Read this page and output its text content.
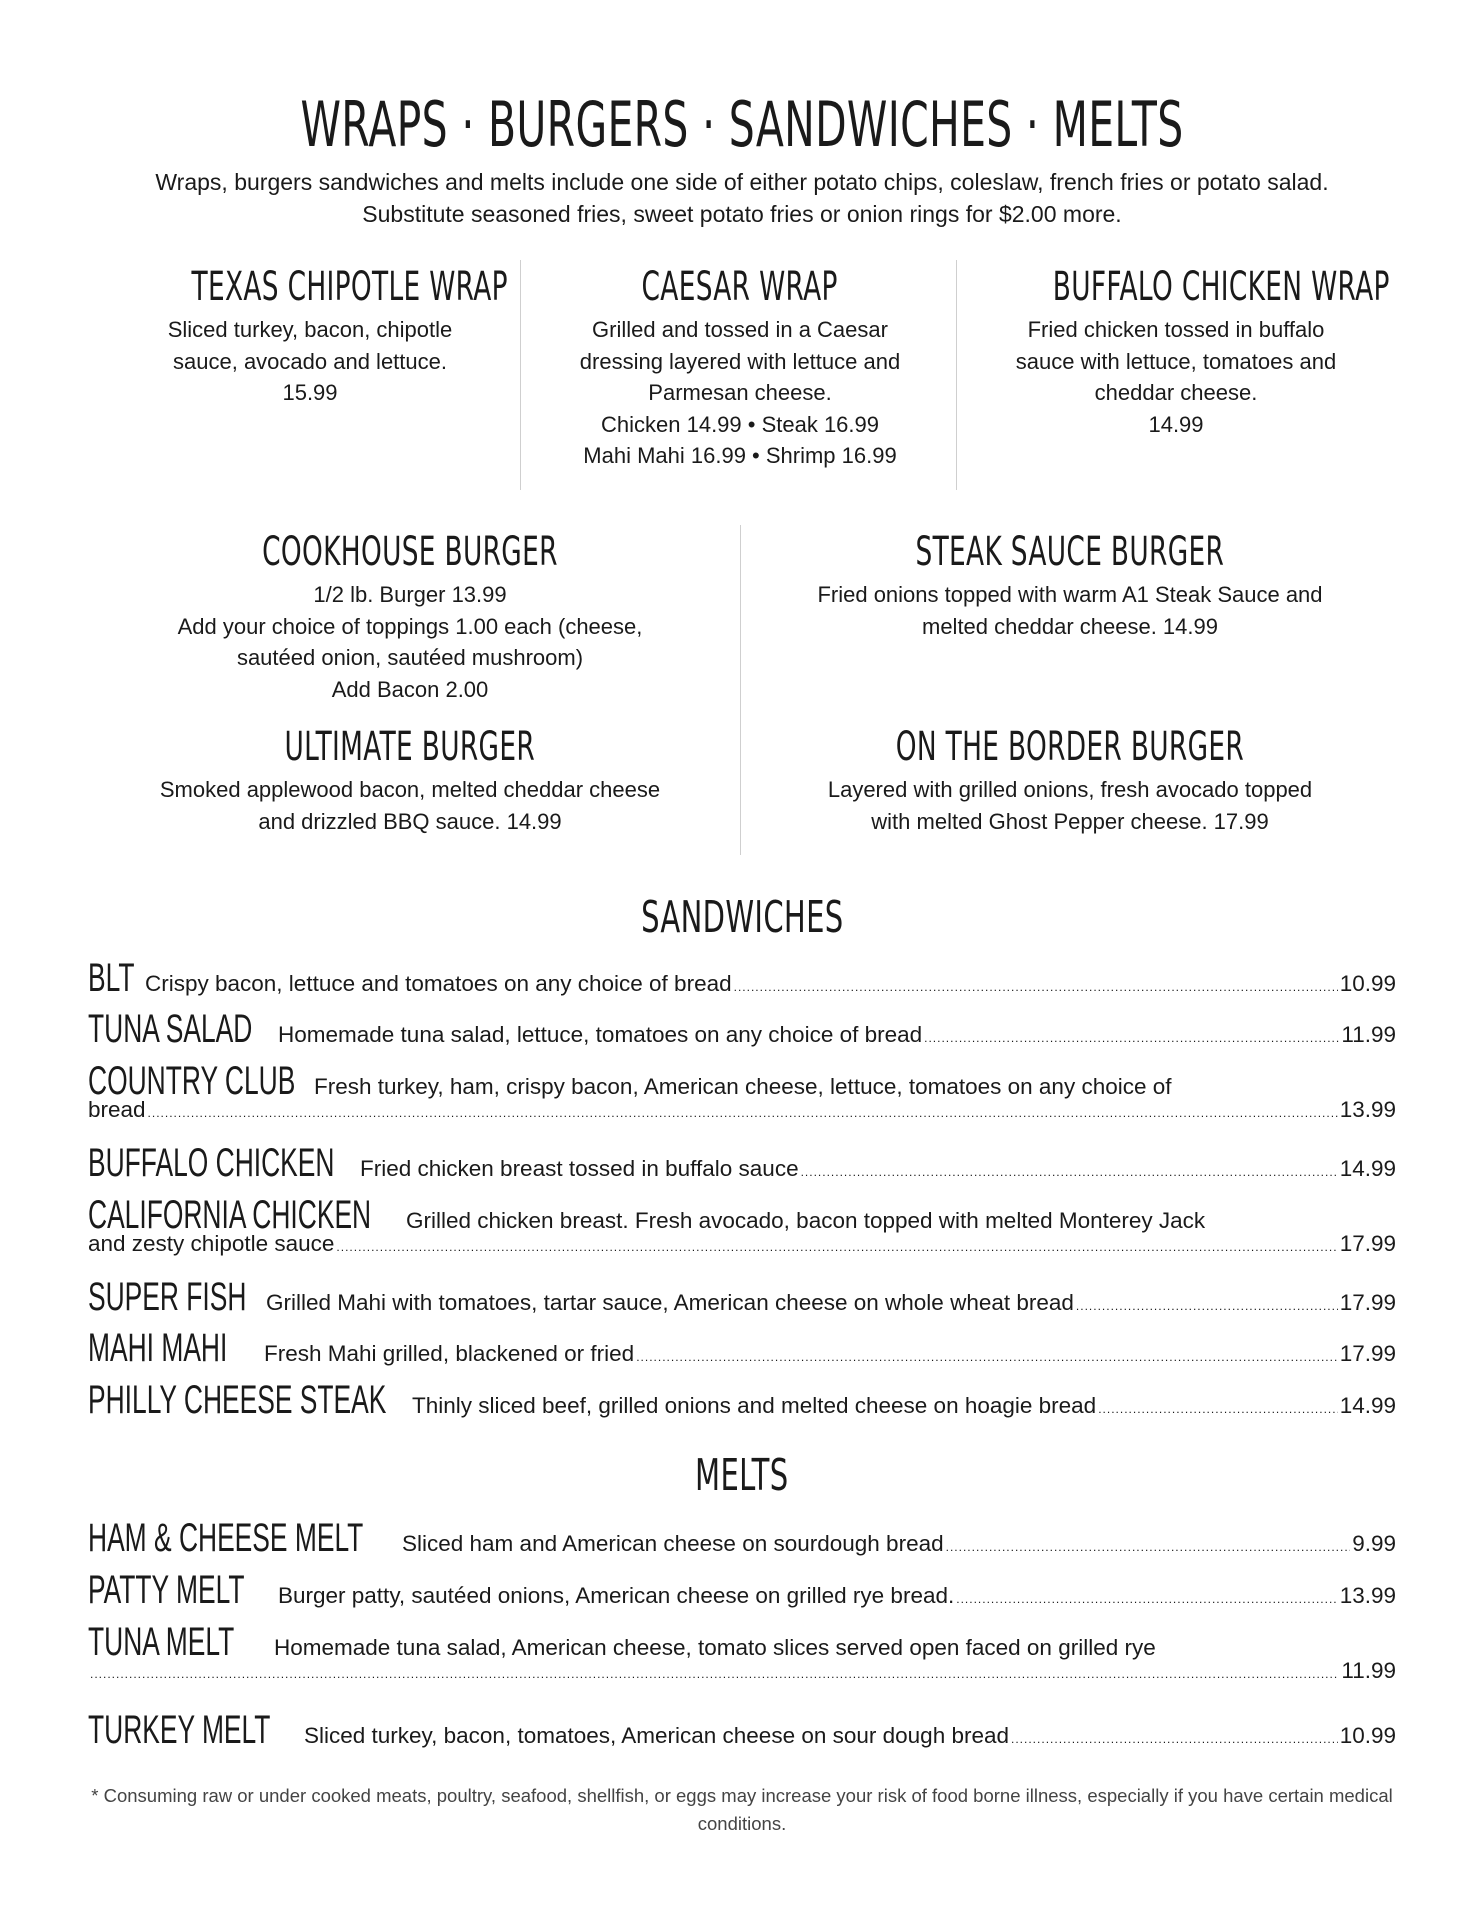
WRAPS · BURGERS · SANDWICHES · MELTS
Wraps, burgers sandwiches and melts include one side of either potato chips, coleslaw, french fries or potato salad. Substitute seasoned fries, sweet potato fries or onion rings for $2.00 more.
TEXAS CHIPOTLE WRAP
Sliced turkey, bacon, chipotle
sauce, avocado and lettuce.
15.99
CAESAR WRAP
Grilled and tossed in a Caesar
dressing layered with lettuce and
Parmesan cheese.
Chicken 14.99 • Steak 16.99
Mahi Mahi 16.99 • Shrimp 16.99
BUFFALO CHICKEN WRAP
Fried chicken tossed in buffalo
sauce with lettuce, tomatoes and
cheddar cheese.
14.99
COOKHOUSE BURGER
1/2 lb. Burger 13.99
Add your choice of toppings 1.00 each (cheese,
sautéed onion, sautéed mushroom)
Add Bacon 2.00
STEAK SAUCE BURGER
Fried onions topped with warm A1 Steak Sauce and
melted cheddar cheese. 14.99
ULTIMATE BURGER
Smoked applewood bacon, melted cheddar cheese
and drizzled BBQ sauce. 14.99
ON THE BORDER BURGER
Layered with grilled onions, fresh avocado topped
with melted Ghost Pepper cheese. 17.99
SANDWICHES
BLT Crispy bacon, lettuce and tomatoes on any choice of bread .....	10.99
TUNA SALAD	Homemade tuna salad, lettuce, tomatoes on any choice of bread .....	11.99
COUNTRY CLUB Fresh turkey, ham, crispy bacon, American cheese, lettuce, tomatoes on any choice of
bread .....	13.99
BUFFALO CHICKEN	Fried chicken breast tossed in buffalo sauce .....	14.99
CALIFORNIA CHICKEN	Grilled chicken breast. Fresh avocado, bacon topped with melted Monterey Jack
and zesty chipotle sauce .....	17.99
SUPER FISH Grilled Mahi with tomatoes, tartar sauce, American cheese on whole wheat bread .....	17.99
MAHI MAHI	Fresh Mahi grilled, blackened or fried .....	17.99
PHILLY CHEESE STEAK	Thinly sliced beef, grilled onions and melted cheese on hoagie bread .....	14.99
MELTS
HAM & CHEESE MELT	Sliced ham and American cheese on sourdough bread .....	9.99
PATTY MELT	Burger patty, sautéed onions, American cheese on grilled rye bread. .....	13.99
TUNA MELT	Homemade tuna salad, American cheese, tomato slices served open faced on grilled rye
.....
11.99
TURKEY MELT	Sliced turkey, bacon, tomatoes, American cheese on sour dough bread .....	10.99
* Consuming raw or under cooked meats, poultry, seafood, shellfish, or eggs may increase your risk of food borne illness, especially if you have certain medical conditions.
